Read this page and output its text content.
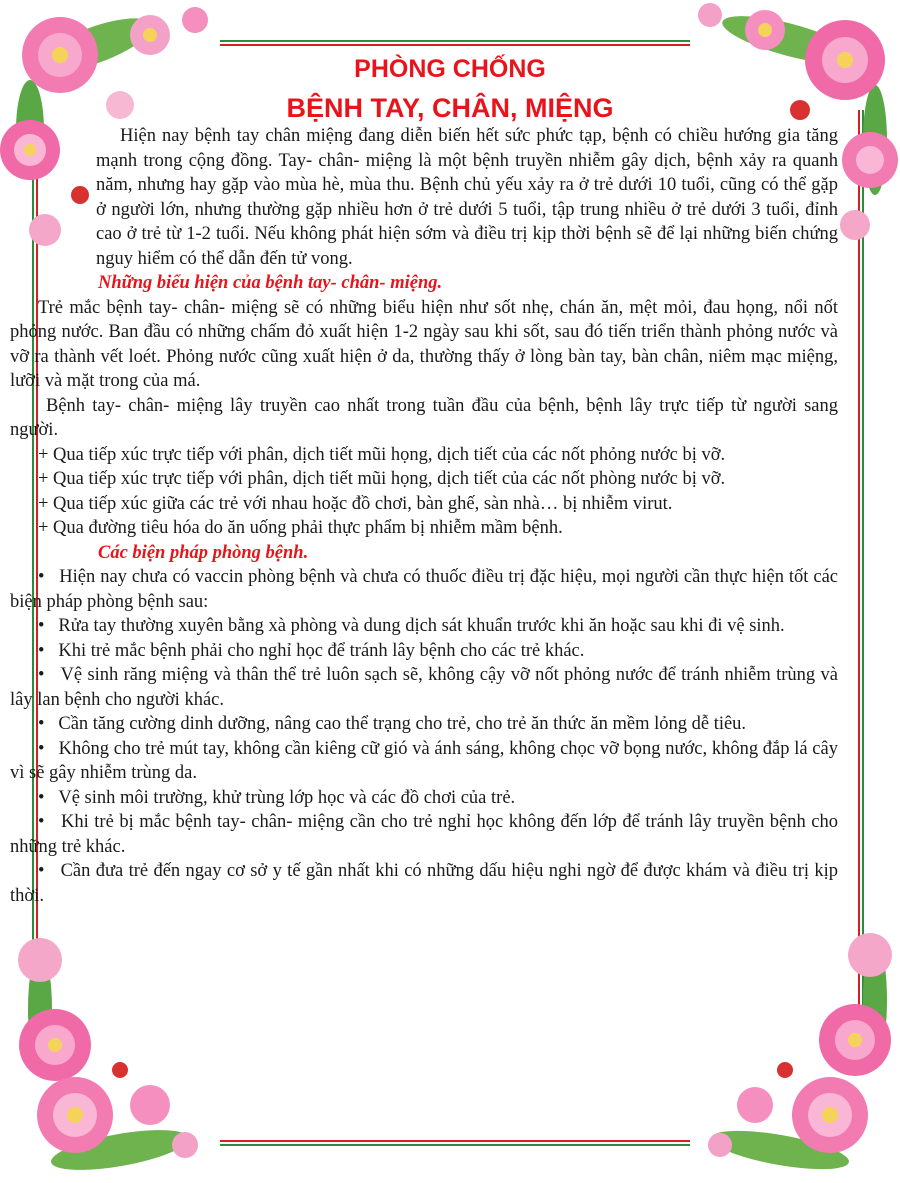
PHÒNG CHỐNG
BỆNH TAY, CHÂN, MIỆNG

Hiện nay bệnh tay chân miệng đang diễn biến hết sức phức tạp, bệnh có chiều hướng gia tăng mạnh trong cộng đồng. Tay- chân- miệng là một bệnh truyền nhiễm gây dịch, bệnh xảy ra quanh năm, nhưng hay gặp vào mùa hè, mùa thu. Bệnh chủ yếu xảy ra ở trẻ dưới 10 tuổi, cũng có thể gặp ở người lớn, nhưng thường gặp nhiều hơn ở trẻ dưới 5 tuổi, tập trung nhiều ở trẻ dưới 3 tuổi, đỉnh cao ở trẻ từ 1-2 tuổi. Nếu không phát hiện sớm và điều trị kịp thời bệnh sẽ để lại những biến chứng nguy hiểm có thể dẫn đến tử vong.

Những biểu hiện của bệnh tay- chân- miệng.

Trẻ mắc bệnh tay- chân- miệng sẽ có những biểu hiện như sốt nhẹ, chán ăn, mệt mỏi, đau họng, nổi nốt phỏng nước. Ban đầu có những chấm đỏ xuất hiện 1-2 ngày sau khi sốt, sau đó tiến triển thành phỏng nước và vỡ ra thành vết loét. Phỏng nước cũng xuất hiện ở da, thường thấy ở lòng bàn tay, bàn chân, niêm mạc miệng, lưỡi và mặt trong của má.

Bệnh tay- chân- miệng lây truyền cao nhất trong tuần đầu của bệnh, bệnh lây trực tiếp từ người sang người.

+ Qua tiếp xúc trực tiếp với phân, dịch tiết mũi họng, dịch tiết của các nốt phỏng nước bị vỡ.

+ Qua tiếp xúc trực tiếp với phân, dịch tiết mũi họng, dịch tiết của các nốt phòng nước bị vỡ.

+ Qua tiếp xúc giữa các trẻ với nhau hoặc đồ chơi, bàn ghế, sàn nhà… bị nhiễm virut.

+ Qua đường tiêu hóa do ăn uống phải thực phẩm bị nhiễm mầm bệnh.

Các biện pháp phòng bệnh.

•   Hiện nay chưa có vaccin phòng bệnh và chưa có thuốc điều trị đặc hiệu, mọi người cần thực hiện tốt các biện pháp phòng bệnh sau:

•   Rửa tay thường xuyên bằng xà phòng và dung dịch sát khuẩn trước khi ăn hoặc sau khi đi vệ sinh.

•   Khi trẻ mắc bệnh phải cho nghỉ học để tránh lây bệnh cho các trẻ khác.

•   Vệ sinh răng miệng và thân thể trẻ luôn sạch sẽ, không cậy vỡ nốt phỏng nước để tránh nhiễm trùng và lây lan bệnh cho người khác.

•   Cần tăng cường dinh dưỡng, nâng cao thể trạng cho trẻ, cho trẻ ăn thức ăn mềm lỏng dễ tiêu.

•   Không cho trẻ mút tay, không cần kiêng cữ gió và ánh sáng, không chọc vỡ bọng nước, không đắp lá cây vì sẽ gây nhiễm trùng da.

•   Vệ sinh môi trường, khử trùng lớp học và các đồ chơi của trẻ.

•   Khi trẻ bị mắc bệnh tay- chân- miệng cần cho trẻ nghỉ học không đến lớp để tránh lây truyền bệnh cho những trẻ khác.

•   Cần đưa trẻ đến ngay cơ sở y tế gần nhất khi có những dấu hiệu nghi ngờ để được khám và điều trị kịp thời.
